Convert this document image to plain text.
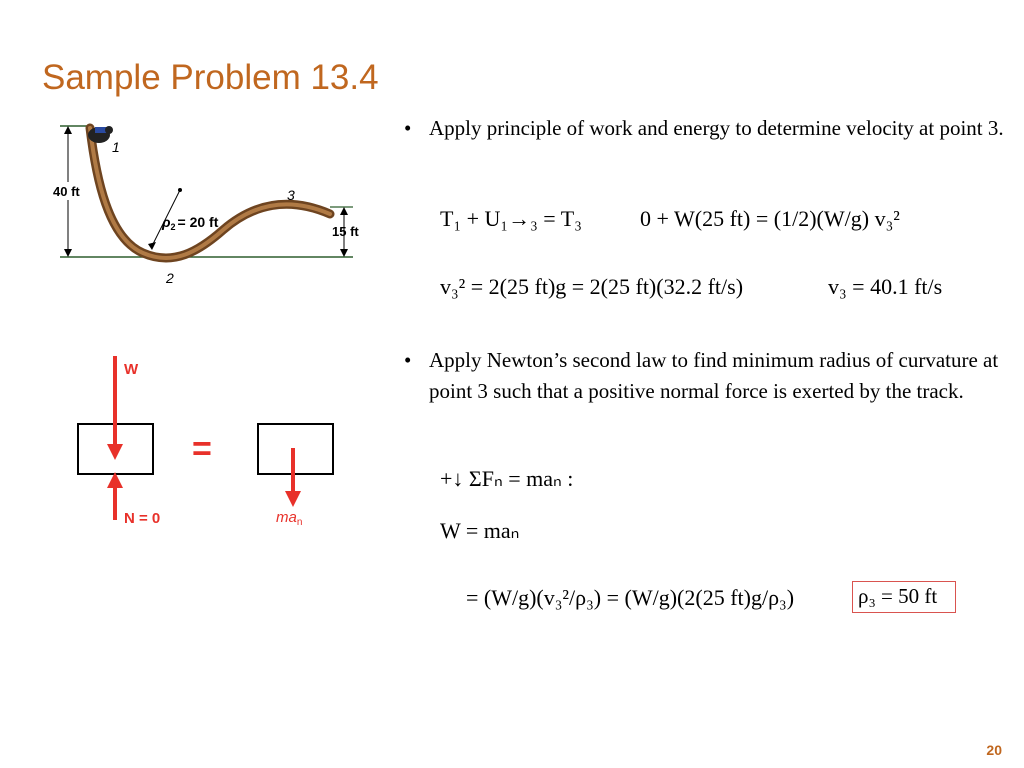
Sample Problem 13.4
40 ft
15 ft
$\rho_2 = 20$ ft
1
2
3
W
N = 0
=
$ma_n$
• Apply principle of work and energy to determine velocity at point 3.
T₁ + U₁→₃ = T₃	0 + W(25 ft) = (1/2)(W/g) v₃²
v₃² = 2(25 ft)g = 2(25 ft)(32.2 ft/s)	v₃ = 40.1 ft/s
• Apply Newton’s second law to find minimum radius of curvature at point 3 such that a positive normal force is exerted by the track.
+↓ ΣFₙ = maₙ :
W = maₙ
= (W/g)(v₃²/ρ₃) = (W/g)(2(25 ft)g/ρ₃)	ρ₃ = 50 ft
20
